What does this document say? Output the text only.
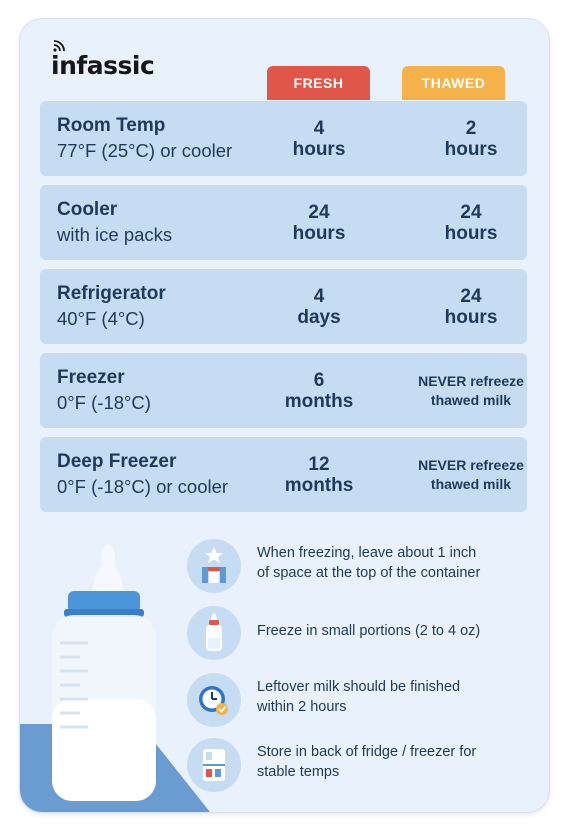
infassic
FRESH	THAWED
Room Temp
77°F (25°C) or cooler
4
hours
2
hours
Cooler
with ice packs
24
hours
24
hours
Refrigerator
40°F (4°C)
4
days
24
hours
Freezer
0°F (-18°C)
6
months
NEVER refreeze
thawed milk
Deep Freezer
0°F (-18°C) or cooler
12
months
NEVER refreeze
thawed milk
When freezing, leave about 1 inch
of space at the top of the container
Freeze in small portions (2 to 4 oz)
Leftover milk should be finished
within 2 hours
Store in back of fridge / freezer for
stable temps
